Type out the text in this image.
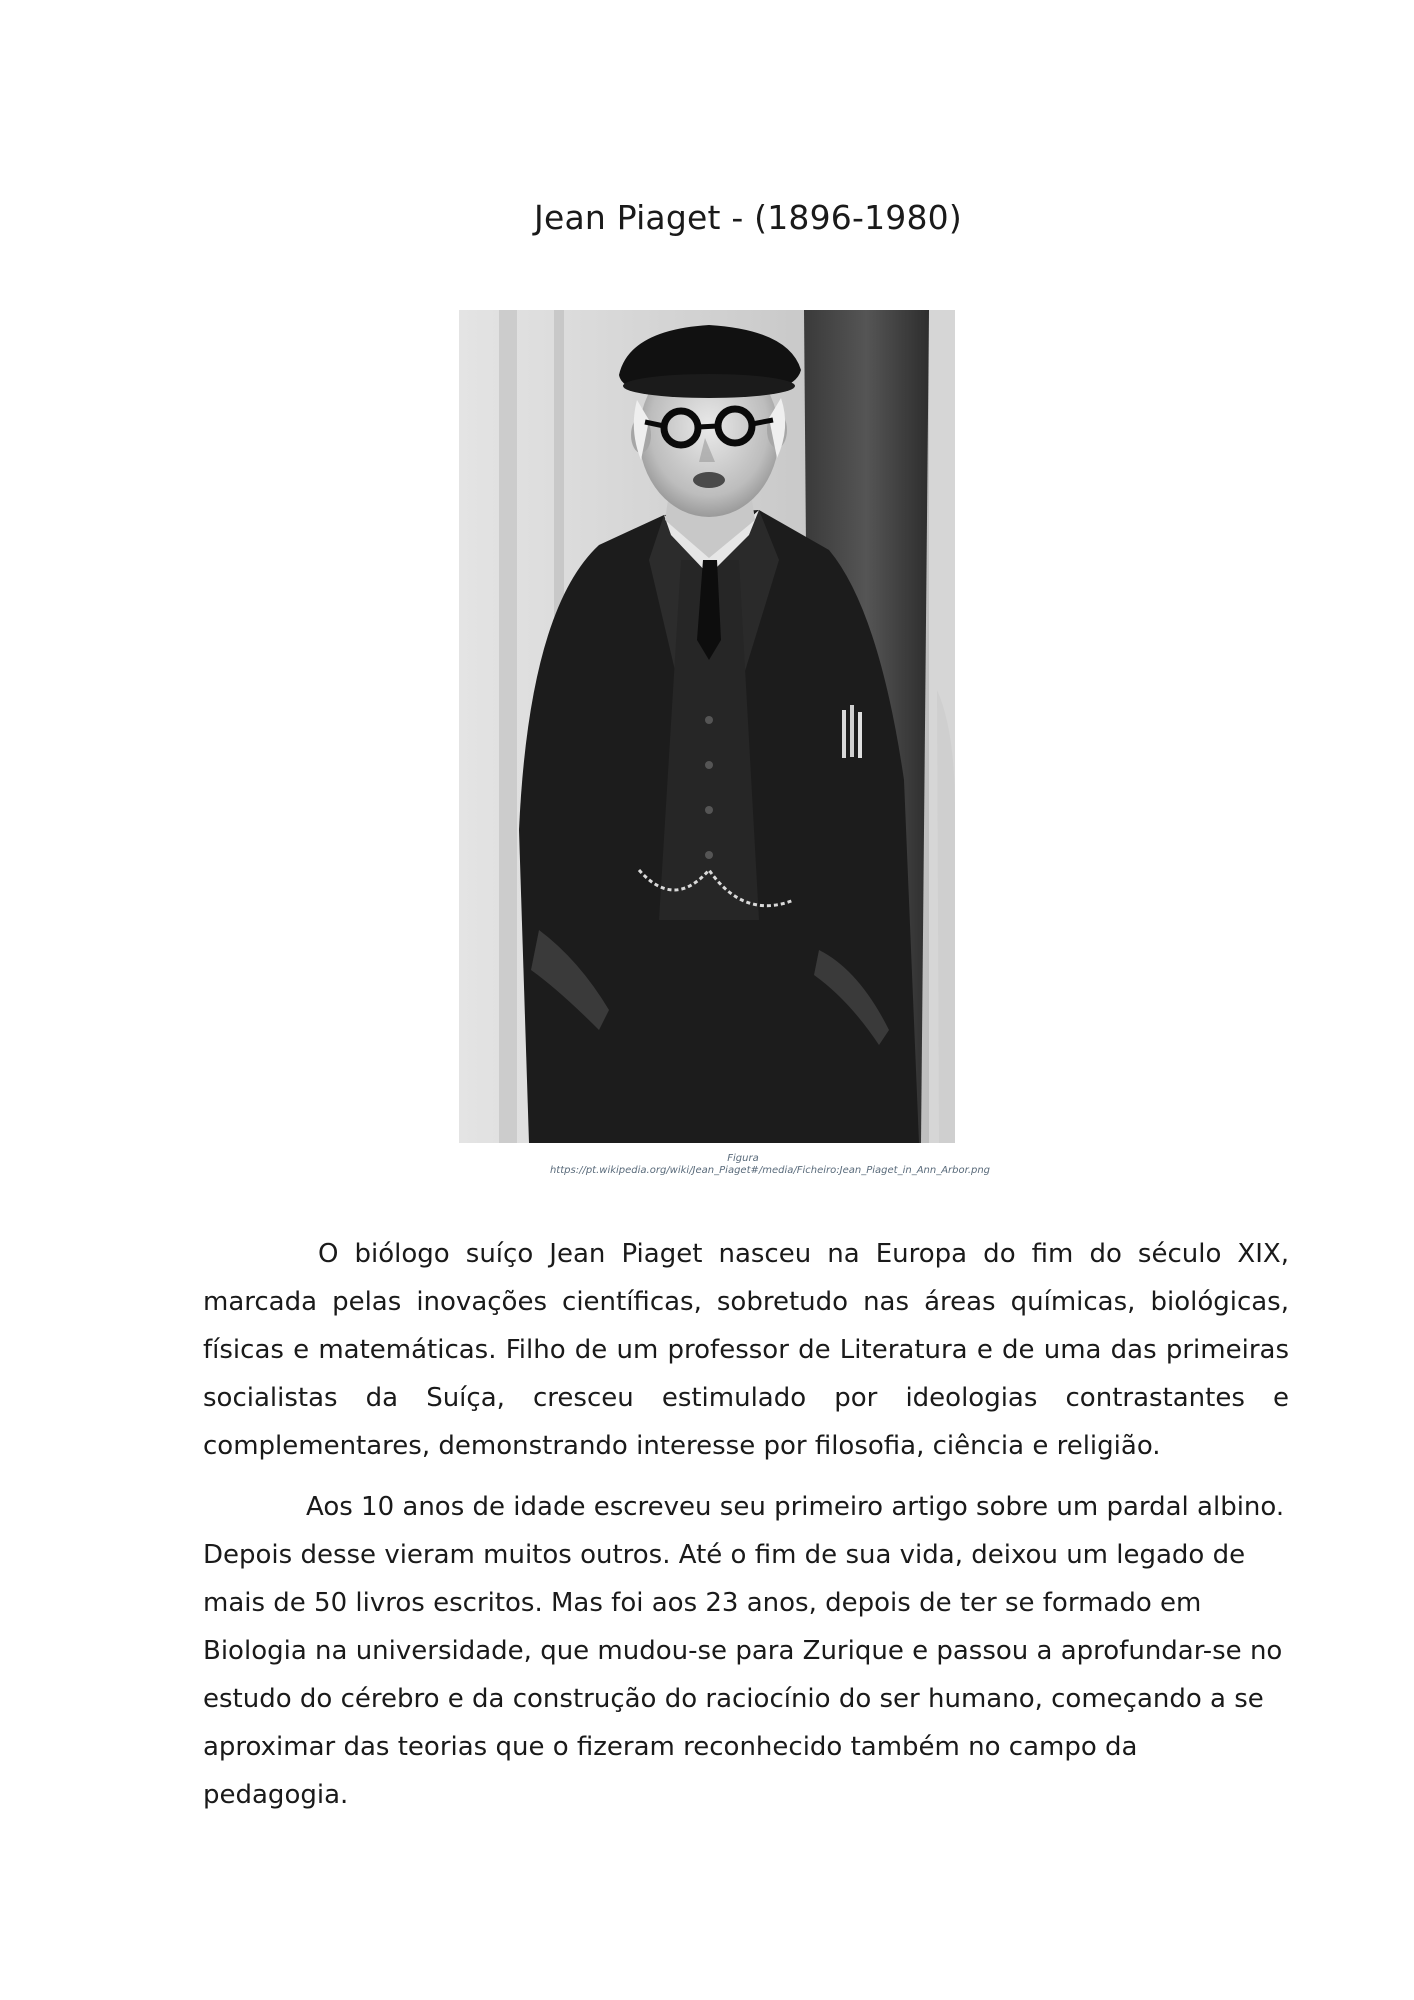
Jean Piaget - (1896-1980)
Figura
https://pt.wikipedia.org/wiki/Jean_Piaget#/media/Ficheiro:Jean_Piaget_in_Ann_Arbor.png

O biólogo suíço Jean Piaget nasceu na Europa do fim do século XIX, marcada pelas inovações científicas, sobretudo nas áreas químicas, biológicas, físicas e matemáticas. Filho de um professor de Literatura e de uma das primeiras socialistas da Suíça, cresceu estimulado por ideologias contrastantes e complementares, demonstrando interesse por filosofia, ciência e religião.

Aos 10 anos de idade escreveu seu primeiro artigo sobre um pardal albino. Depois desse vieram muitos outros. Até o fim de sua vida, deixou um legado de mais de 50 livros escritos. Mas foi aos 23 anos, depois de ter se formado em Biologia na universidade, que mudou-se para Zurique e passou a aprofundar-se no estudo do cérebro e da construção do raciocínio do ser humano, começando a se aproximar das teorias que o fizeram reconhecido também no campo da pedagogia.
